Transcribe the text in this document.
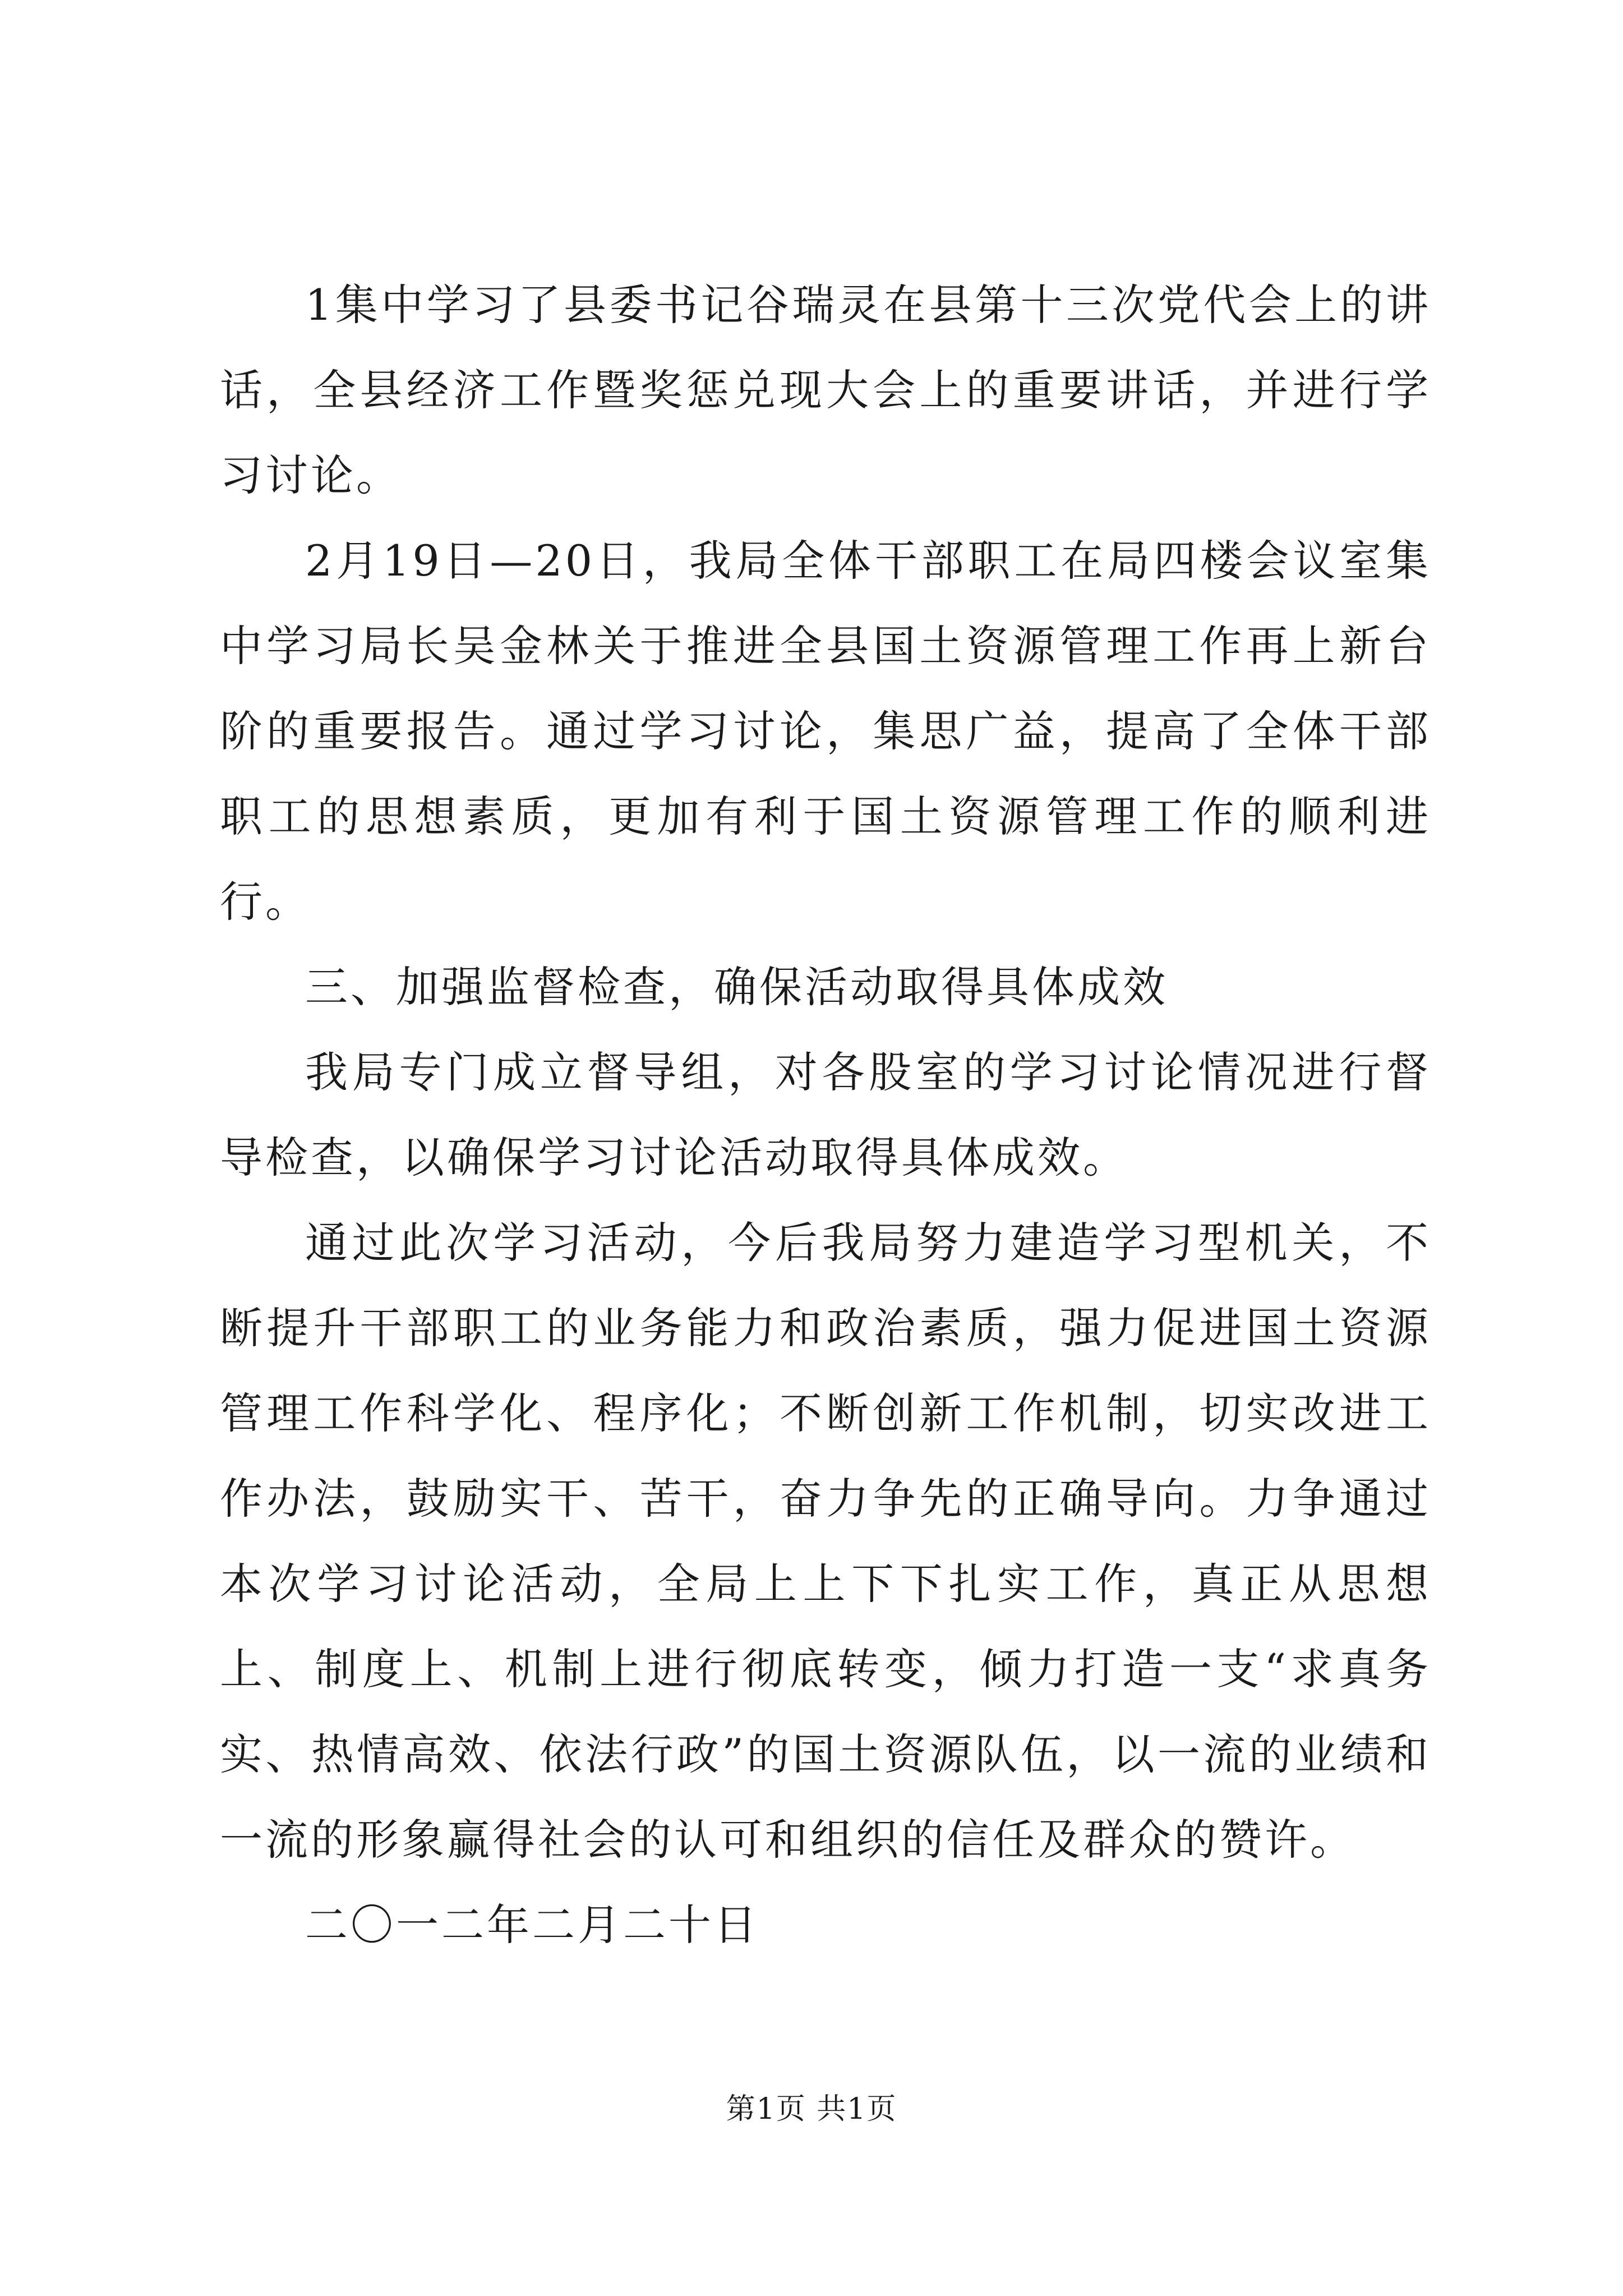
1集中学习了县委书记谷瑞灵在县第十三次党代会上的讲话，全县经济工作暨奖惩兑现大会上的重要讲话，并进行学习讨论。

2月19日—20日，我局全体干部职工在局四楼会议室集中学习局长吴金林关于推进全县国土资源管理工作再上新台阶的重要报告。通过学习讨论，集思广益，提高了全体干部职工的思想素质，更加有利于国土资源管理工作的顺利进行。

三、加强监督检查，确保活动取得具体成效

我局专门成立督导组，对各股室的学习讨论情况进行督导检查，以确保学习讨论活动取得具体成效。

通过此次学习活动，今后我局努力建造学习型机关，不断提升干部职工的业务能力和政治素质，强力促进国土资源管理工作科学化、程序化；不断创新工作机制，切实改进工作办法，鼓励实干、苦干，奋力争先的正确导向。力争通过本次学习讨论活动，全局上上下下扎实工作，真正从思想上、制度上、机制上进行彻底转变，倾力打造一支“求真务实、热情高效、依法行政”的国土资源队伍，以一流的业绩和一流的形象赢得社会的认可和组织的信任及群众的赞许。

二〇一二年二月二十日

第1页 共1页
